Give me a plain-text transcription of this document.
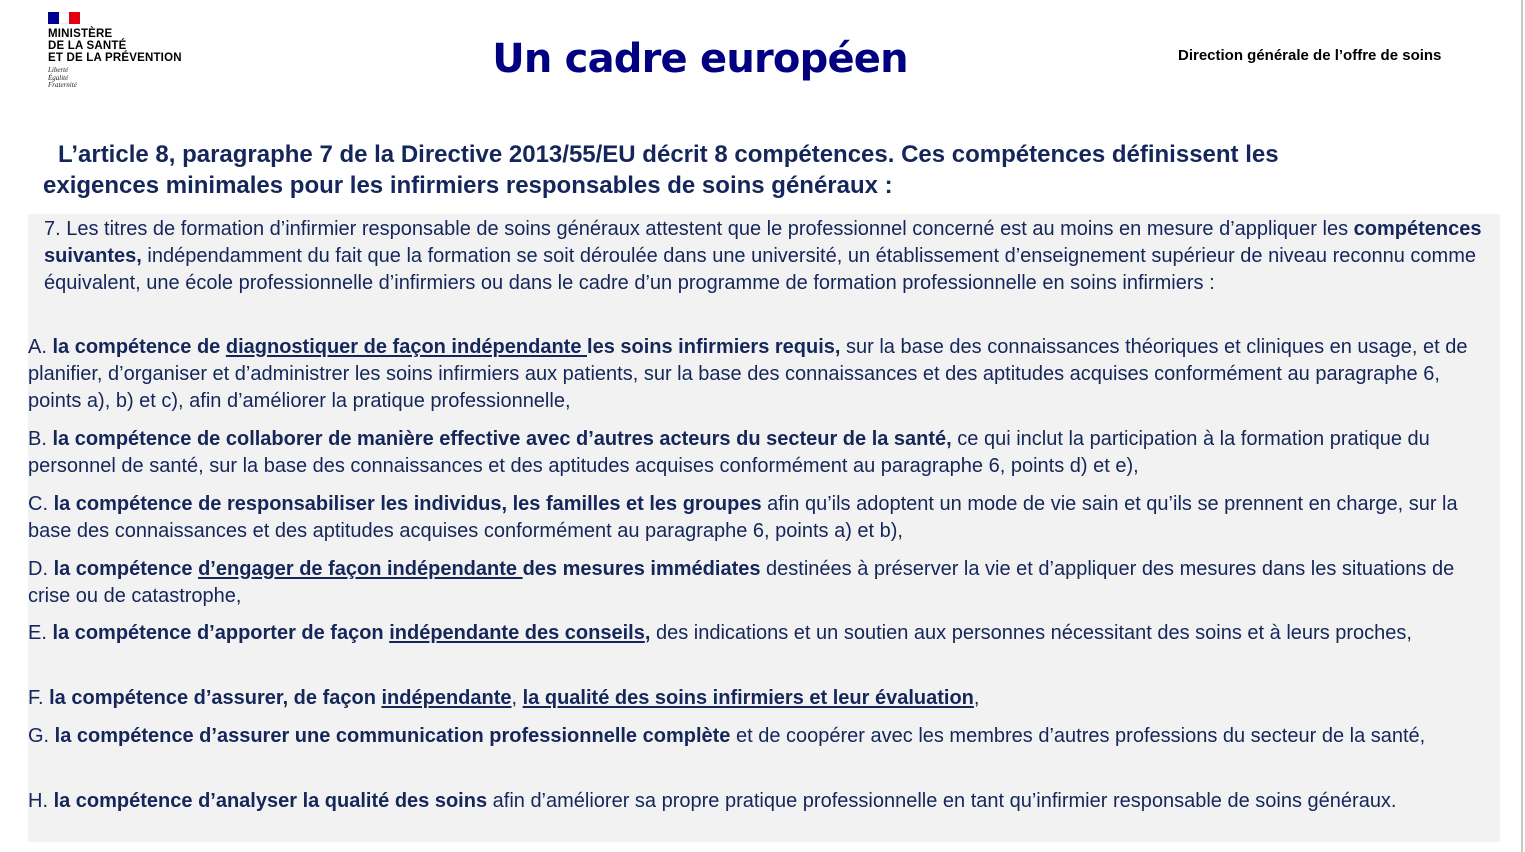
MINISTÈRE
DE LA SANTÉ
ET DE LA PRÉVENTION
Liberté
Égalité
Fraternité
Un cadre européen	Direction générale de l’offre de soins
L’article 8, paragraphe 7 de la Directive 2013/55/EU décrit 8 compétences. Ces compétences définissent les
exigences minimales pour les infirmiers responsables de soins généraux :

7. Les titres de formation d’infirmier responsable de soins généraux attestent que le professionnel concerné est au moins en mesure d’appliquer les compétences suivantes, indépendamment du fait que la formation se soit déroulée dans une université, un établissement d’enseignement supérieur de niveau reconnu comme équivalent, une école professionnelle d’infirmiers ou dans le cadre d’un programme de formation professionnelle en soins infirmiers :

A. la compétence de diagnostiquer de façon indépendante les soins infirmiers requis, sur la base des connaissances théoriques et cliniques en usage, et de planifier, d’organiser et d’administrer les soins infirmiers aux patients, sur la base des connaissances et des aptitudes acquises conformément au paragraphe 6, points a), b) et c), afin d’améliorer la pratique professionnelle,

B. la compétence de collaborer de manière effective avec d’autres acteurs du secteur de la santé, ce qui inclut la participation à la formation pratique du personnel de santé, sur la base des connaissances et des aptitudes acquises conformément au paragraphe 6, points d) et e),

C. la compétence de responsabiliser les individus, les familles et les groupes afin qu’ils adoptent un mode de vie sain et qu’ils se prennent en charge, sur la base des connaissances et des aptitudes acquises conformément au paragraphe 6, points a) et b),

D. la compétence d’engager de façon indépendante des mesures immédiates destinées à préserver la vie et d’appliquer des mesures dans les situations de crise ou de catastrophe,

E. la compétence d’apporter de façon indépendante des conseils, des indications et un soutien aux personnes nécessitant des soins et à leurs proches,

F. la compétence d’assurer, de façon indépendante, la qualité des soins infirmiers et leur évaluation,

G. la compétence d’assurer une communication professionnelle complète et de coopérer avec les membres d’autres professions du secteur de la santé,

H. la compétence d’analyser la qualité des soins afin d’améliorer sa propre pratique professionnelle en tant qu’infirmier responsable de soins généraux.
